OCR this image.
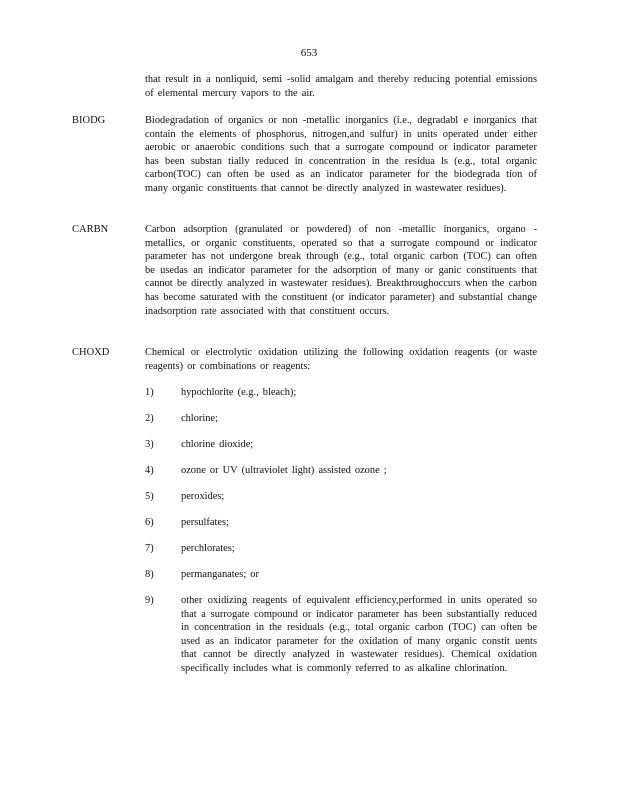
653
that result in a nonliquid, semi -solid amalgam and thereby reducing potential emissions of elemental mercury vapors to the air.
BIODG	Biodegradation of organics or non -metallic inorganics (i.e., degradabl e inorganics that contain the elements of phosphorus, nitrogen,and sulfur) in units operated under either aerobic or anaerobic conditions such that a surrogate compound or indicator parameter has been substan tially reduced in concentration in the residua ls (e.g., total organic carbon(TOC) can often be used as an indicator parameter for the biodegrada tion of many organic constituents that cannot be directly analyzed in wastewater residues).
CARBN	Carbon adsorption (granulated or powdered) of non -metallic inorganics, organo - metallics, or organic constituents, operated so that a surrogate compound or indicator parameter has not undergone break through (e.g., total organic carbon (TOC) can often be usedas an indicator parameter for the adsorption of many or ganic constituents that cannot be directly analyzed in wastewater residues). Breakthroughoccurs when the carbon has become saturated with the constituent (or indicator parameter) and substantial change inadsorption rate associated with that constituent occurs.
CHOXD	Chemical or electrolytic oxidation utilizing the following oxidation reagents (or waste reagents) or combinations or reagents:
1)	hypochlorite (e.g., bleach);
2)	chlorine;
3)	chlorine dioxide;
4)	ozone or UV (ultraviolet light) assisted ozone ;
5)	peroxides;
6)	persulfates;
7)	perchlorates;
8)	permanganates; or
9)	other oxidizing reagents of equivalent efficiency,performed in units operated so that a surrogate compound or indicator parameter has been substantially reduced in concentration in the residuals (e.g., total organic carbon (TOC) can often be used as an indicator parameter for the oxidation of many organic constit uents that cannot be directly analyzed in wastewater residues). Chemical oxidation specifically includes what is commonly referred to as alkaline chlorination.
